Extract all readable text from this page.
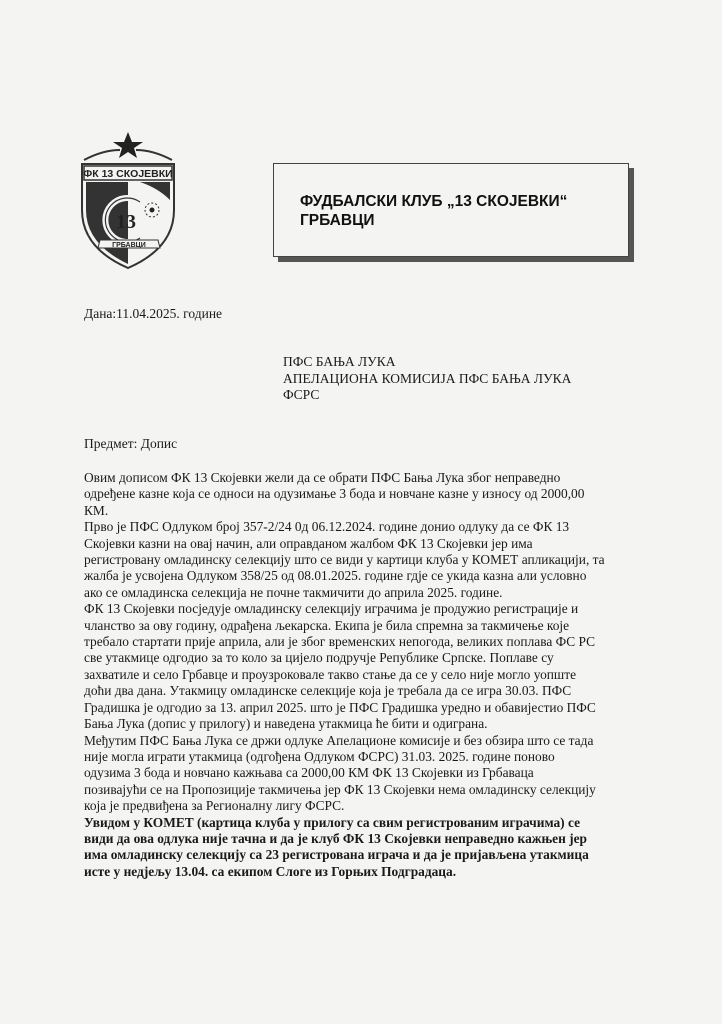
ФК 13 СКОЈЕВКИ
13
ГРБАВЦИ
ФУДБАЛСКИ КЛУБ „13 СКОЈЕВКИ“
ГРБАВЦИ
Дана:11.04.2025. године
ПФС БАЊА ЛУКА
АПЕЛАЦИОНА КОМИСИЈА ПФС БАЊА ЛУКА
ФСРС
Предмет: Допис
Овим дописом ФК 13 Скојевки жели да се обрати ПФС Бања Лука због неправедно
одређене казне која се односи на одузимање 3 бода и новчане казне у износу од 2000,00
КМ.
Прво је ПФС Одлуком број 357-2/24 0д 06.12.2024. године донио одлуку да се ФК 13
Скојевки казни на овај начин, али оправданом жалбом ФК 13 Скојевки јер има
регистровану омладинску селекцију што се види у картици клуба у КОМЕТ апликацији, та
жалба је усвојена Одлуком 358/25 од 08.01.2025. године гдје се укида казна али условно
ако се омладинска селекција не почне такмичити до априла 2025. године.
ФК 13 Скојевки посједује омладинску селекцију играчима је продужио регистрације и
чланство за ову годину, одрађена љекарска. Екипа је била спремна за такмичење које
требало стартати прије априла, али је због временских непогода, великих поплава ФС РС
све утакмице одгодио за то коло за цијело подручје Републике Српске. Поплаве су
захватиле и село Грбавце и проузроковале такво стање да се у село није могло уопште
доћи два дана. Утакмицу омладинске селекције која је требала да се игра 30.03. ПФС
Градишка је одгодио за 13. април 2025. што је ПФС Градишка уредно и обавијестио ПФС
Бања Лука (допис у прилогу) и наведена утакмица ће бити и одиграна.
Међутим ПФС Бања Лука се држи одлуке Апелационе комисије и без обзира што се тада
није могла играти утакмица (одгођена Одлуком ФСРС) 31.03. 2025. године поново
одузима 3 бода и новчано кажњава са 2000,00 КМ ФК 13 Скојевки из Грбаваца
позивајући се на Пропозиције такмичења јер ФК 13 Скојевки нема омладинску селекцију
која је предвиђена за Регионалну лигу ФСРС.
Увидом у КОМЕТ (картица клуба у прилогу са свим регистрованим играчима) се
види да ова одлука није тачна и да је клуб ФК 13 Скојевки неправедно кажњен јер
има омладинску селекцију са 23 регистрована играча и да је пријављена утакмица
исте у недјељу 13.04. са екипом Слоге из Горњих Подградаца.
